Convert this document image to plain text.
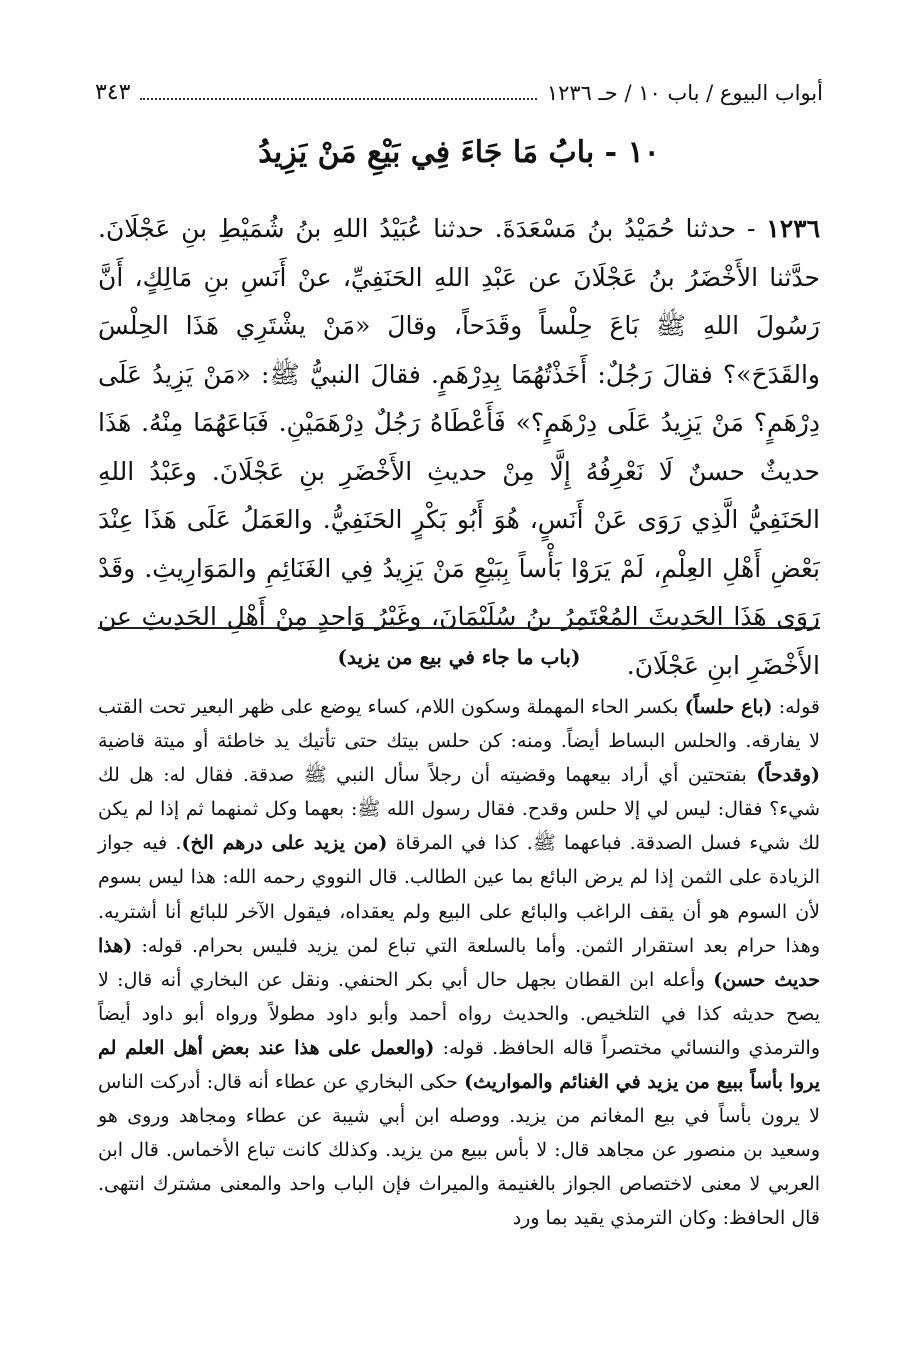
أبواب البيوع / باب ١٠ / حـ ١٢٣٦
٣٤٣
١٠ - بابُ مَا جَاءَ فِي بَيْعِ مَنْ يَزِيدُ
١٢٣٦ - حدثنا حُمَيْدُ بنُ مَسْعَدَةَ. حدثنا عُبَيْدُ اللهِ بنُ شُمَيْطِ بنِ عَجْلَانَ. حدَّثنا الأَخْضَرُ بنُ عَجْلَانَ عن عَبْدِ اللهِ الحَنَفِيِّ، عنْ أَنَسِ بنِ مَالِكٍ، أَنَّ رَسُولَ اللهِ ﷺ بَاعَ حِلْساً وقَدَحاً، وقالَ «مَنْ يشْتَرِي هَذَا الحِلْسَ والقَدَحَ»؟ فقالَ رَجُلٌ: أَخَذْتُهُمَا بِدِرْهَمٍ. فقالَ النبيُّ ﷺ: «مَنْ يَزِيدُ عَلَى دِرْهَمٍ؟ مَنْ يَزِيدُ عَلَى دِرْهَمٍ؟» فَأَعْطَاهُ رَجُلٌ دِرْهَمَيْنِ. فَبَاعَهُمَا مِنْهُ. هَذَا حديثٌ حسنٌ لَا نَعْرِفُهُ إِلَّا مِنْ حديثِ الأَخْضَرِ بنِ عَجْلَانَ. وعَبْدُ اللهِ الحَنَفِيُّ الَّذِي رَوَى عَنْ أَنَسٍ، هُوَ أَبُو بَكْرٍ الحَنَفِيُّ. والعَمَلُ عَلَى هَذَا عِنْدَ بَعْضِ أَهْلِ العِلْمِ، لَمْ يَرَوْا بَأْساً بِبَيْعِ مَنْ يَزِيدُ فِي الغَنَائِمِ والمَوَارِيثِ. وقَدْ رَوَى هَذَا الحَدِيثَ المُعْتَمِرُ بنُ سُلَيْمَانَ، وغَيْرُ وَاحِدٍ مِنْ أَهْلِ الحَدِيثِ عن الأَخْضَرِ ابنِ عَجْلَانَ.
(باب ما جاء في بيع من يزيد)
قوله: (باع حلساً) بكسر الحاء المهملة وسكون اللام، كساء يوضع على ظهر البعير تحت القتب لا يفارقه. والحلس البساط أيضاً. ومنه: كن حلس بيتك حتى تأتيك يد خاطئة أو ميتة قاضية (وقدحاً) بفتحتين أي أراد بيعهما وقضيته أن رجلاً سأل النبي ﷺ صدقة. فقال له: هل لك شيء؟ فقال: ليس لي إلا حلس وقدح. فقال رسول الله ﷺ: بعهما وكل ثمنهما ثم إذا لم يكن لك شيء فسل الصدقة. فباعهما ﷺ. كذا في المرقاة (من يزيد على درهم الخ). فيه جواز الزيادة على الثمن إذا لم يرض البائع بما عين الطالب. قال النووي رحمه الله: هذا ليس بسوم لأن السوم هو أن يقف الراغب والبائع على البيع ولم يعقداه، فيقول الآخر للبائع أنا أشتريه. وهذا حرام بعد استقرار الثمن. وأما بالسلعة التي تباع لمن يزيد فليس بحرام. قوله: (هذا حديث حسن) وأعله ابن القطان بجهل حال أبي بكر الحنفي. ونقل عن البخاري أنه قال: لا يصح حديثه كذا في التلخيص. والحديث رواه أحمد وأبو داود مطولاً ورواه أبو داود أيضاً والترمذي والنسائي مختصراً قاله الحافظ. قوله: (والعمل على هذا عند بعض أهل العلم لم يروا بأساً ببيع من يزيد في الغنائم والمواريث) حكى البخاري عن عطاء أنه قال: أدركت الناس لا يرون بأساً في بيع المغانم من يزيد. ووصله ابن أبي شيبة عن عطاء ومجاهد وروى هو وسعيد بن منصور عن مجاهد قال: لا بأس ببيع من يزيد. وكذلك كانت تباع الأخماس. قال ابن العربي لا معنى لاختصاص الجواز بالغنيمة والميراث فإن الباب واحد والمعنى مشترك انتهى. قال الحافظ: وكان الترمذي يقيد بما ورد
